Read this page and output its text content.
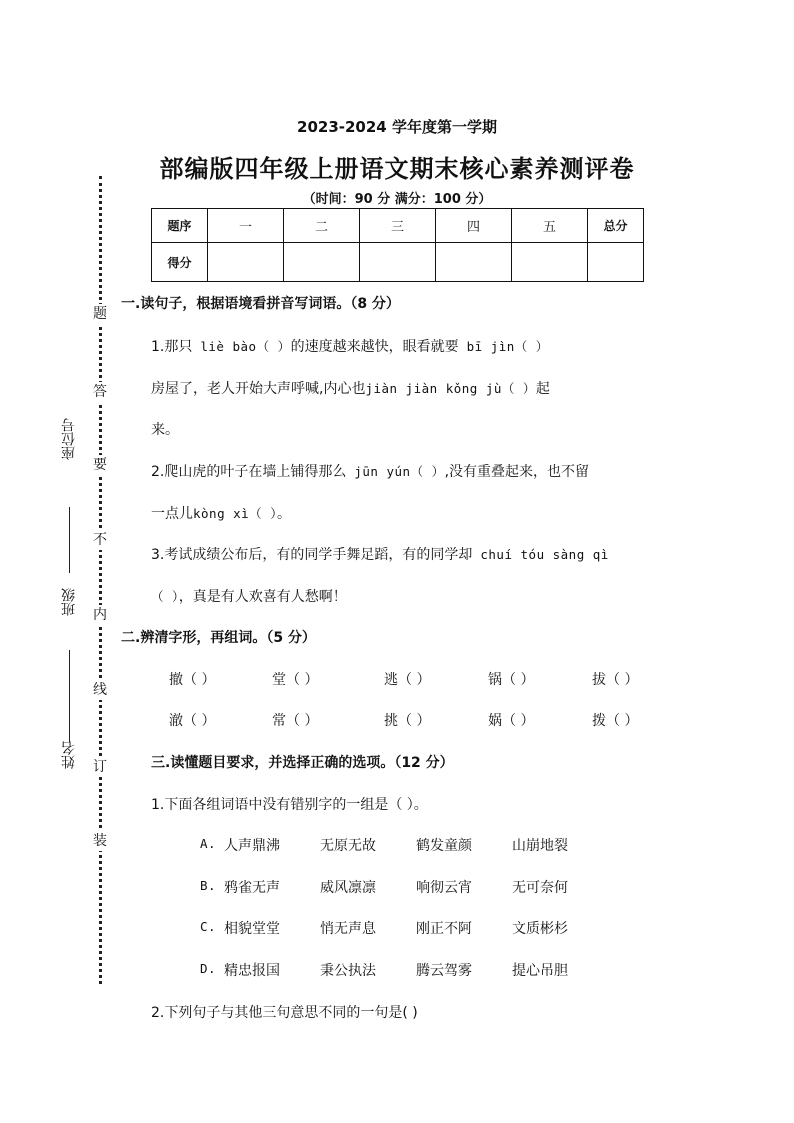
题
答
要
不
内
线
订
装
座位号
班级
姓名
2023-2024 学年度第一学期
部编版四年级上册语文期末核心素养测评卷
（时间：90 分 满分：100 分）
题序	一	二	三	四	五	总分
得分						
一.读句子，根据语境看拼音写词语。（8 分）
1.那只 liè bào（ ）的速度越来越快，眼看就要 bī jìn（ ）
房屋了，老人开始大声呼喊,内心也jiàn jiàn kǒng jù（ ）起
来。
2.爬山虎的叶子在墙上铺得那么 jūn yún（ ）,没有重叠起来，也不留
一点儿kòng xì（ ）。
3.考试成绩公布后，有的同学手舞足蹈，有的同学却 chuí tóu sàng qì
（ ），真是有人欢喜有人愁啊！
二.辨清字形，再组词。（5 分）
撤（ ）	堂（ ）	逃（ ）	锅（ ）	拔（ ）
澈（ ）	常（ ）	挑（ ）	娲（ ）	拨（ ）
三.读懂题目要求，并选择正确的选项。（12 分）
1.下面各组词语中没有错别字的一组是（ ）。
A. 人声鼎沸	无原无故	鹤发童颜	山崩地裂
B. 鸦雀无声	威风凛凛	响彻云宵	无可奈何
C. 相貌堂堂	悄无声息	刚正不阿	文质彬杉
D. 精忠报国	秉公执法	腾云驾雾	提心吊胆
2.下列句子与其他三句意思不同的一句是( )
